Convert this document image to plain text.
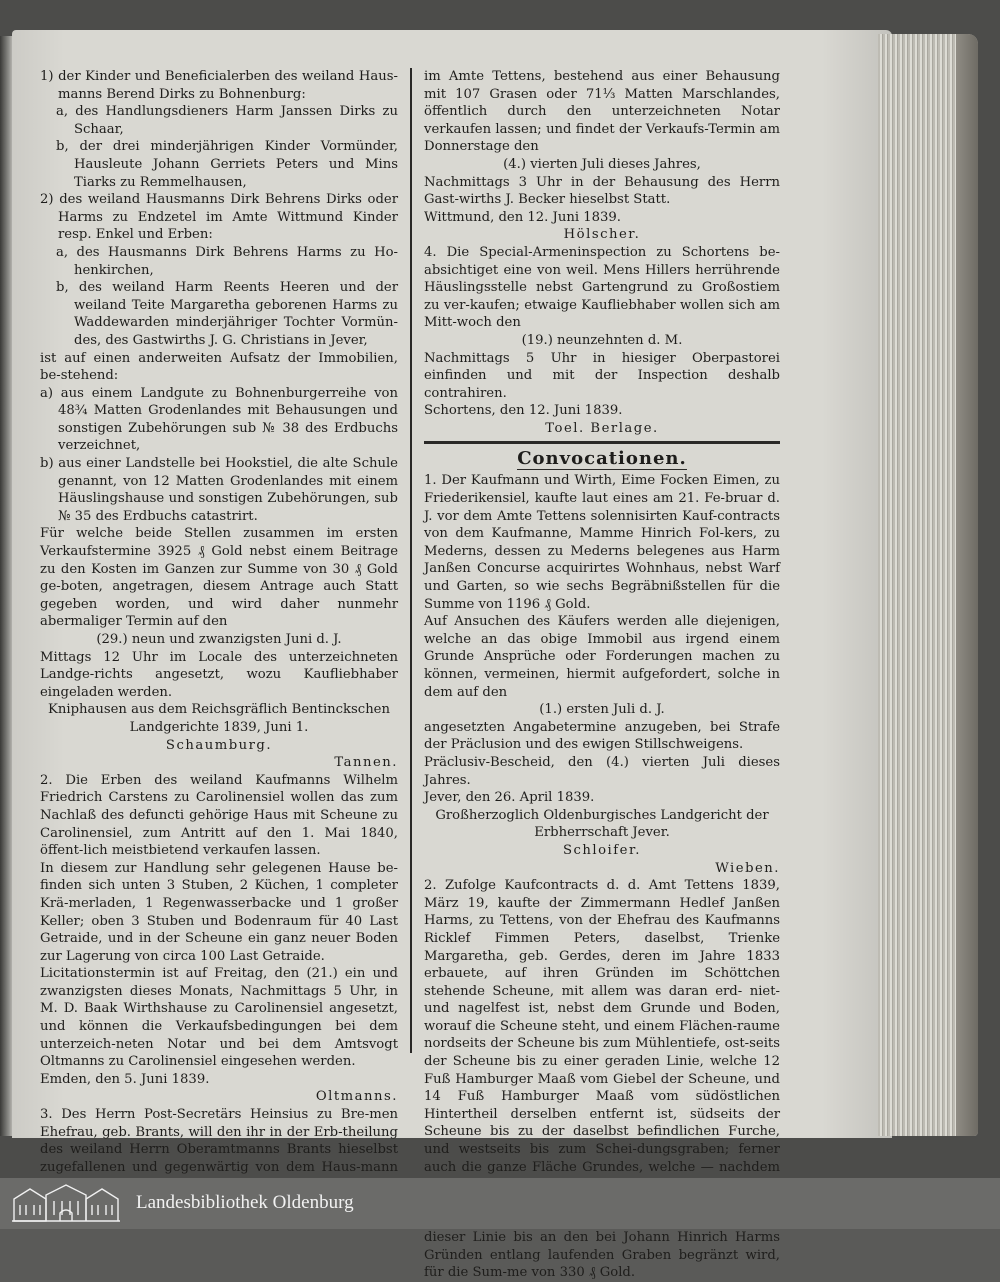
1) der Kinder und Beneficialerben des weiland Haus-manns Berend Dirks zu Bohnenburg:

a, des Handlungsdieners Harm Janssen Dirks zu Schaar,

b, der drei minderjährigen Kinder Vormünder, Hausleute Johann Gerriets Peters und Mins Tiarks zu Remmelhausen,

2) des weiland Hausmanns Dirk Behrens Dirks oder Harms zu Endzetel im Amte Wittmund Kinder resp. Enkel und Erben:

a, des Hausmanns Dirk Behrens Harms zu Ho-henkirchen,

b, des weiland Harm Reents Heeren und der weiland Teite Margaretha geborenen Harms zu Waddewarden minderjähriger Tochter Vormün-des, des Gastwirths J. G. Christians in Jever,

ist auf einen anderweiten Aufsatz der Immobilien, be-stehend:

a) aus einem Landgute zu Bohnenburgerreihe von 48¾ Matten Grodenlandes mit Behausungen und sonstigen Zubehörungen sub № 38 des Erdbuchs verzeichnet,

b) aus einer Landstelle bei Hookstiel, die alte Schule genannt, von 12 Matten Grodenlandes mit einem Häuslingshause und sonstigen Zubehörungen, sub № 35 des Erdbuchs catastrirt.

Für welche beide Stellen zusammen im ersten Verkaufstermine 3925 ₰ Gold nebst einem Beitrage zu den Kosten im Ganzen zur Summe von 30 ₰ Gold ge-boten, angetragen, diesem Antrage auch Statt gegeben worden, und wird daher nunmehr abermaliger Termin auf den

(29.) neun und zwanzigsten Juni d. J.

Mittags 12 Uhr im Locale des unterzeichneten Landge-richts angesetzt, wozu Kaufliebhaber eingeladen werden.

Kniphausen aus dem Reichsgräflich Bentinckschen Landgerichte 1839, Juni 1.

Schaumburg.

Tannen.

2. Die Erben des weiland Kaufmanns Wilhelm Friedrich Carstens zu Carolinensiel wollen das zum Nachlaß des defuncti gehörige Haus mit Scheune zu Carolinensiel, zum Antritt auf den 1. Mai 1840, öffent-lich meistbietend verkaufen lassen.

In diesem zur Handlung sehr gelegenen Hause be-finden sich unten 3 Stuben, 2 Küchen, 1 completer Krä-merladen, 1 Regenwasserbacke und 1 großer Keller; oben 3 Stuben und Bodenraum für 40 Last Getraide, und in der Scheune ein ganz neuer Boden zur Lagerung von circa 100 Last Getraide.

Licitationstermin ist auf Freitag, den (21.) ein und zwanzigsten dieses Monats, Nachmittags 5 Uhr, in M. D. Baak Wirthshause zu Carolinensiel angesetzt, und können die Verkaufsbedingungen bei dem unterzeich-neten Notar und bei dem Amtsvogt Oltmanns zu Carolinensiel eingesehen werden.

Emden, den 5. Juni 1839.

Oltmanns.

3. Des Herrn Post-Secretärs Heinsius zu Bre-men Ehefrau, geb. Brants, will den ihr in der Erb-theilung des weiland Herrn Oberamtmanns Brants hieselbst zugefallenen und gegenwärtig von dem Haus-mann

im Amte Tettens, bestehend aus einer Behausung mit 107 Grasen oder 71⅓ Matten Marschlandes, öffentlich durch den unterzeichneten Notar verkaufen lassen; und findet der Verkaufs-Termin am Donnerstage den

(4.) vierten Juli dieses Jahres,

Nachmittags 3 Uhr in der Behausung des Herrn Gast-wirths J. Becker hieselbst Statt.

Wittmund, den 12. Juni 1839.

Hölscher.

4. Die Special-Armeninspection zu Schortens be-absichtiget eine von weil. Mens Hillers herrührende Häuslingsstelle nebst Gartengrund zu Großostiem zu ver-kaufen; etwaige Kaufliebhaber wollen sich am Mitt-woch den

(19.) neunzehnten d. M.

Nachmittags 5 Uhr in hiesiger Oberpastorei einfinden und mit der Inspection deshalb contrahiren.

Schortens, den 12. Juni 1839.

Toel. Berlage.

Convocationen.

1. Der Kaufmann und Wirth, Eime Focken Eimen, zu Friederikensiel, kaufte laut eines am 21. Fe-bruar d. J. vor dem Amte Tettens solennisirten Kauf-contracts von dem Kaufmanne, Mamme Hinrich Fol-kers, zu Mederns, dessen zu Mederns belegenes aus Harm Janßen Concurse acquirirtes Wohnhaus, nebst Warf und Garten, so wie sechs Begräbnißstellen für die Summe von 1196 ₰ Gold.

Auf Ansuchen des Käufers werden alle diejenigen, welche an das obige Immobil aus irgend einem Grunde Ansprüche oder Forderungen machen zu können, vermeinen, hiermit aufgefordert, solche in dem auf den

(1.) ersten Juli d. J.

angesetzten Angabetermine anzugeben, bei Strafe der Präclusion und des ewigen Stillschweigens.

Präclusiv-Bescheid, den (4.) vierten Juli dieses Jahres.

Jever, den 26. April 1839.

Großherzoglich Oldenburgisches Landgericht der Erbherrschaft Jever.

Schloifer.

Wieben.

2. Zufolge Kaufcontracts d. d. Amt Tettens 1839, März 19, kaufte der Zimmermann Hedlef Janßen Harms, zu Tettens, von der Ehefrau des Kaufmanns Ricklef Fimmen Peters, daselbst, Trienke Margaretha, geb. Gerdes, deren im Jahre 1833 erbauete, auf ihren Gründen im Schöttchen stehende Scheune, mit allem was daran erd- niet- und nagelfest ist, nebst dem Grunde und Boden, worauf die Scheune steht, und einem Flächen-raume nordseits der Scheune bis zum Mühlentiefe, ost-seits der Scheune bis zu einer geraden Linie, welche 12 Fuß Hamburger Maaß vom Giebel der Scheune, und 14 Fuß Hamburger Maaß vom südöstlichen Hintertheil derselben entfernt ist, südseits der Scheune bis zu der daselbst befindlichen Furche, und westseits bis zum Schei-dungsgraben; ferner auch die ganze Fläche Grundes, welche — nachdem dieser Linie bis an den bei Johann Hinrich Harms Gründen entlang laufenden Graben begränzt wird, für die Sum-me von 330 ₰ Gold.

Landesbibliothek Oldenburg
